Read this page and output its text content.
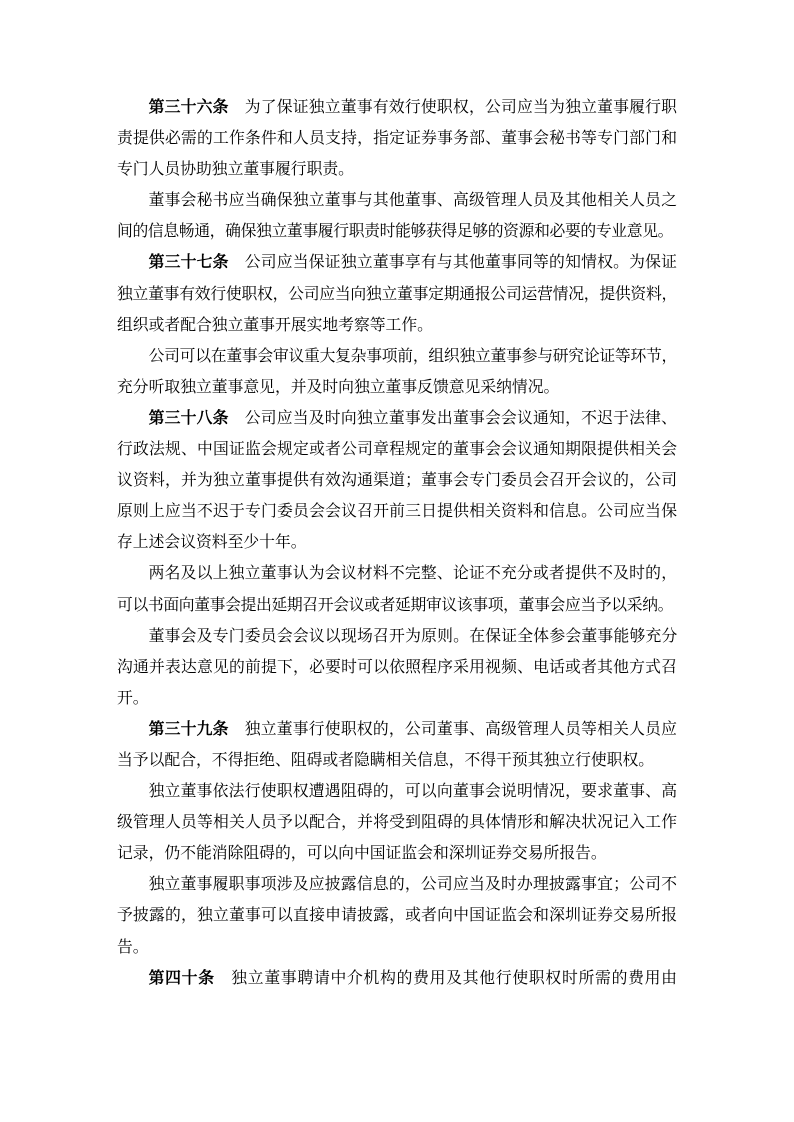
第三十六条　为了保证独立董事有效行使职权，公司应当为独立董事履行职
责提供必需的工作条件和人员支持，指定证券事务部、董事会秘书等专门部门和
专门人员协助独立董事履行职责。
董事会秘书应当确保独立董事与其他董事、高级管理人员及其他相关人员之
间的信息畅通，确保独立董事履行职责时能够获得足够的资源和必要的专业意见。
第三十七条　公司应当保证独立董事享有与其他董事同等的知情权。为保证
独立董事有效行使职权，公司应当向独立董事定期通报公司运营情况，提供资料，
组织或者配合独立董事开展实地考察等工作。
公司可以在董事会审议重大复杂事项前，组织独立董事参与研究论证等环节，
充分听取独立董事意见，并及时向独立董事反馈意见采纳情况。
第三十八条　公司应当及时向独立董事发出董事会会议通知，不迟于法律、
行政法规、中国证监会规定或者公司章程规定的董事会会议通知期限提供相关会
议资料，并为独立董事提供有效沟通渠道；董事会专门委员会召开会议的，公司
原则上应当不迟于专门委员会会议召开前三日提供相关资料和信息。公司应当保
存上述会议资料至少十年。
两名及以上独立董事认为会议材料不完整、论证不充分或者提供不及时的，
可以书面向董事会提出延期召开会议或者延期审议该事项，董事会应当予以采纳。
董事会及专门委员会会议以现场召开为原则。在保证全体参会董事能够充分
沟通并表达意见的前提下，必要时可以依照程序采用视频、电话或者其他方式召
开。
第三十九条　独立董事行使职权的，公司董事、高级管理人员等相关人员应
当予以配合，不得拒绝、阻碍或者隐瞒相关信息，不得干预其独立行使职权。
独立董事依法行使职权遭遇阻碍的，可以向董事会说明情况，要求董事、高
级管理人员等相关人员予以配合，并将受到阻碍的具体情形和解决状况记入工作
记录，仍不能消除阻碍的，可以向中国证监会和深圳证券交易所报告。
独立董事履职事项涉及应披露信息的，公司应当及时办理披露事宜；公司不
予披露的，独立董事可以直接申请披露，或者向中国证监会和深圳证券交易所报
告。
第四十条　独立董事聘请中介机构的费用及其他行使职权时所需的费用由
